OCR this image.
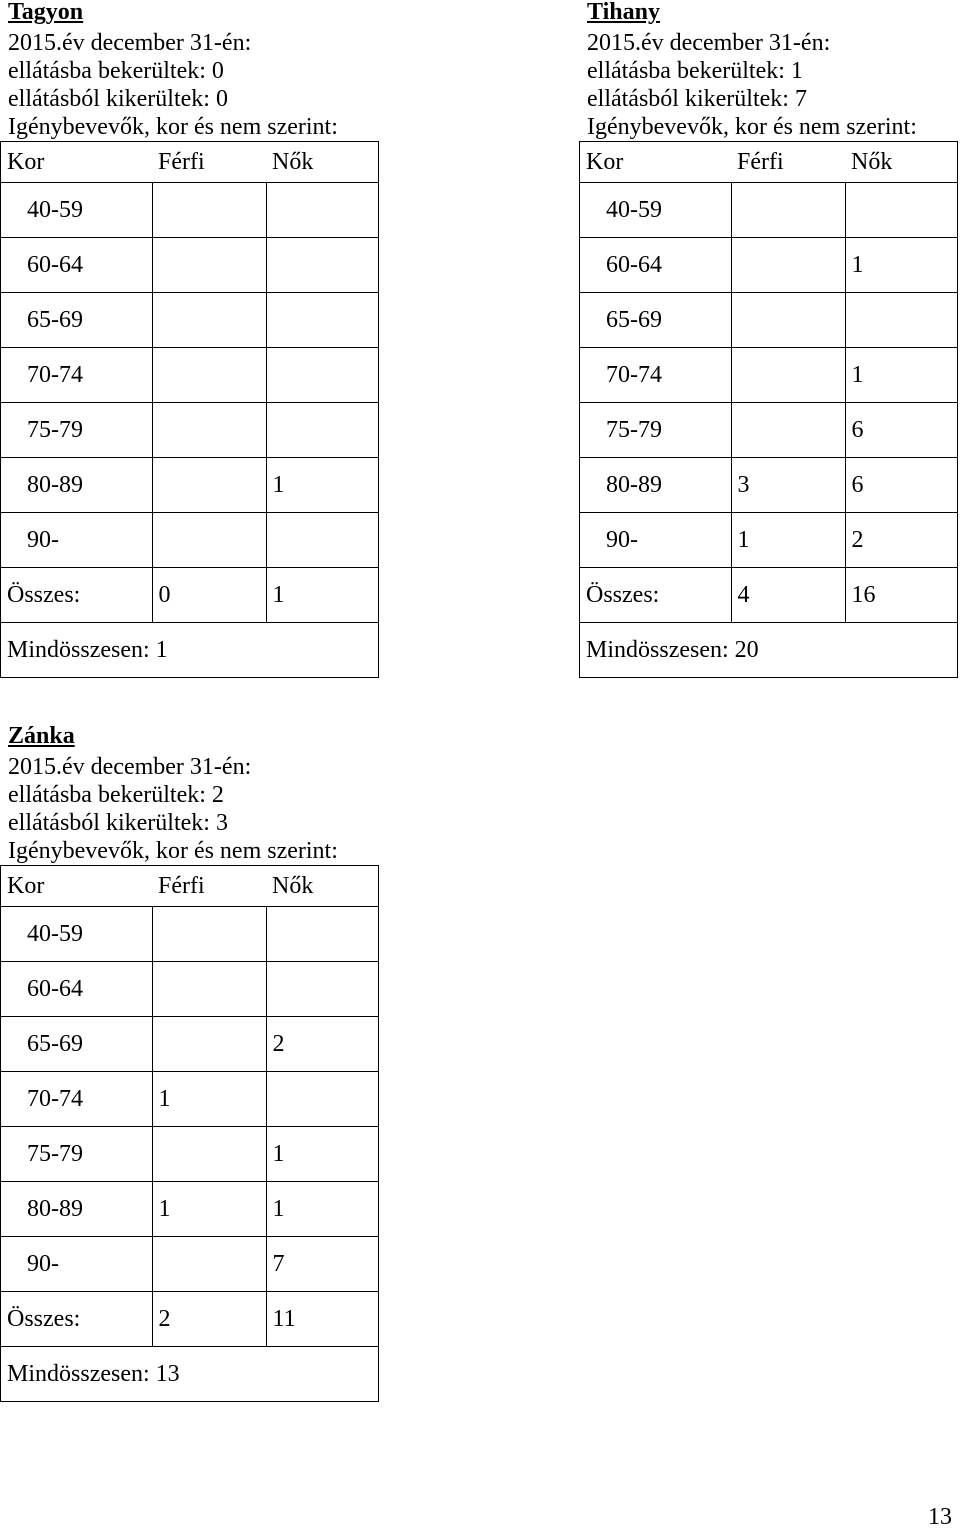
Tagyon
2015.év december 31-én:
ellátásba bekerültek: 0
ellátásból kikerültek: 0
Igénybevevők, kor és nem szerint:
Kor	Férfi	Nők
40-59		
60-64		
65-69		
70-74		
75-79		
80-89		1
90-		
Összes:	0	1
Mindösszesen: 1		
Tihany
2015.év december 31-én:
ellátásba bekerültek: 1
ellátásból kikerültek: 7
Igénybevevők, kor és nem szerint:
Kor	Férfi	Nők
40-59		
60-64		1
65-69		
70-74		1
75-79		6
80-89	3	6
90-	1	2
Összes:	4	16
Mindösszesen: 20		
Zánka
2015.év december 31-én:
ellátásba bekerültek: 2
ellátásból kikerültek: 3
Igénybevevők, kor és nem szerint:
Kor	Férfi	Nők
40-59		
60-64		
65-69		2
70-74	1	
75-79		1
80-89	1	1
90-		7
Összes:	2	11
Mindösszesen: 13		
13
